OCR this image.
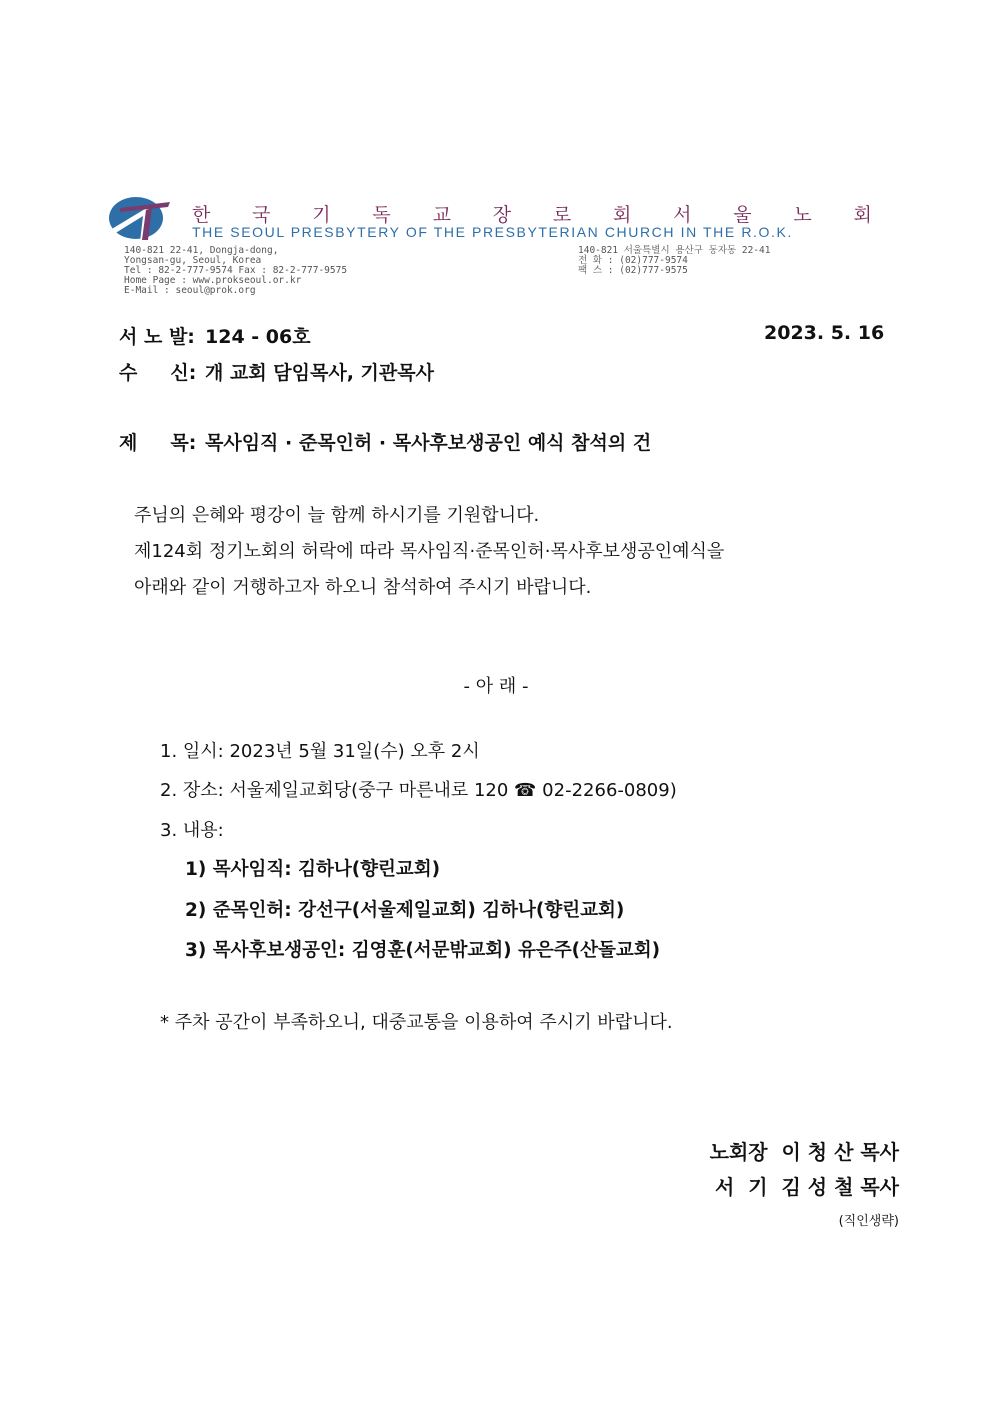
한 국 기 독 교 장 로 회 서 울 노 회
THE SEOUL PRESBYTERY OF THE PRESBYTERIAN CHURCH IN THE R.O.K.
140-821 22-41, Dongja-dong,
Yongsan-gu, Seoul, Korea
Tel : 82-2-777-9574 Fax : 82-2-777-9575
Home Page : www.prokseoul.or.kr
E-Mail : seoul@prok.org
140-821 서울특별시 용산구 동자동 22-41
전 화 : (02)777-9574
팩 스 : (02)777-9575
서 노 발: 124 - 06호	2023. 5. 16
수     신: 개 교회 담임목사, 기관목사
제     목: 목사임직 · 준목인허 · 목사후보생공인 예식 참석의 건
주님의 은혜와 평강이 늘 함께 하시기를 기원합니다.
제124회 정기노회의 허락에 따라 목사임직·준목인허·목사후보생공인예식을
아래와 같이 거행하고자 하오니 참석하여 주시기 바랍니다.
- 아 래 -
1. 일시: 2023년 5월 31일(수) 오후 2시
2. 장소: 서울제일교회당(중구 마른내로 120 ☎ 02-2266-0809)
3. 내용:
1) 목사임직: 김하나(향린교회)
2) 준목인허: 강선구(서울제일교회) 김하나(향린교회)
3) 목사후보생공인: 김영훈(서문밖교회) 유은주(산돌교회)
* 주차 공간이 부족하오니, 대중교통을 이용하여 주시기 바랍니다.
노회장  이 청 산 목사
서  기  김 성 철 목사
(직인생략)
